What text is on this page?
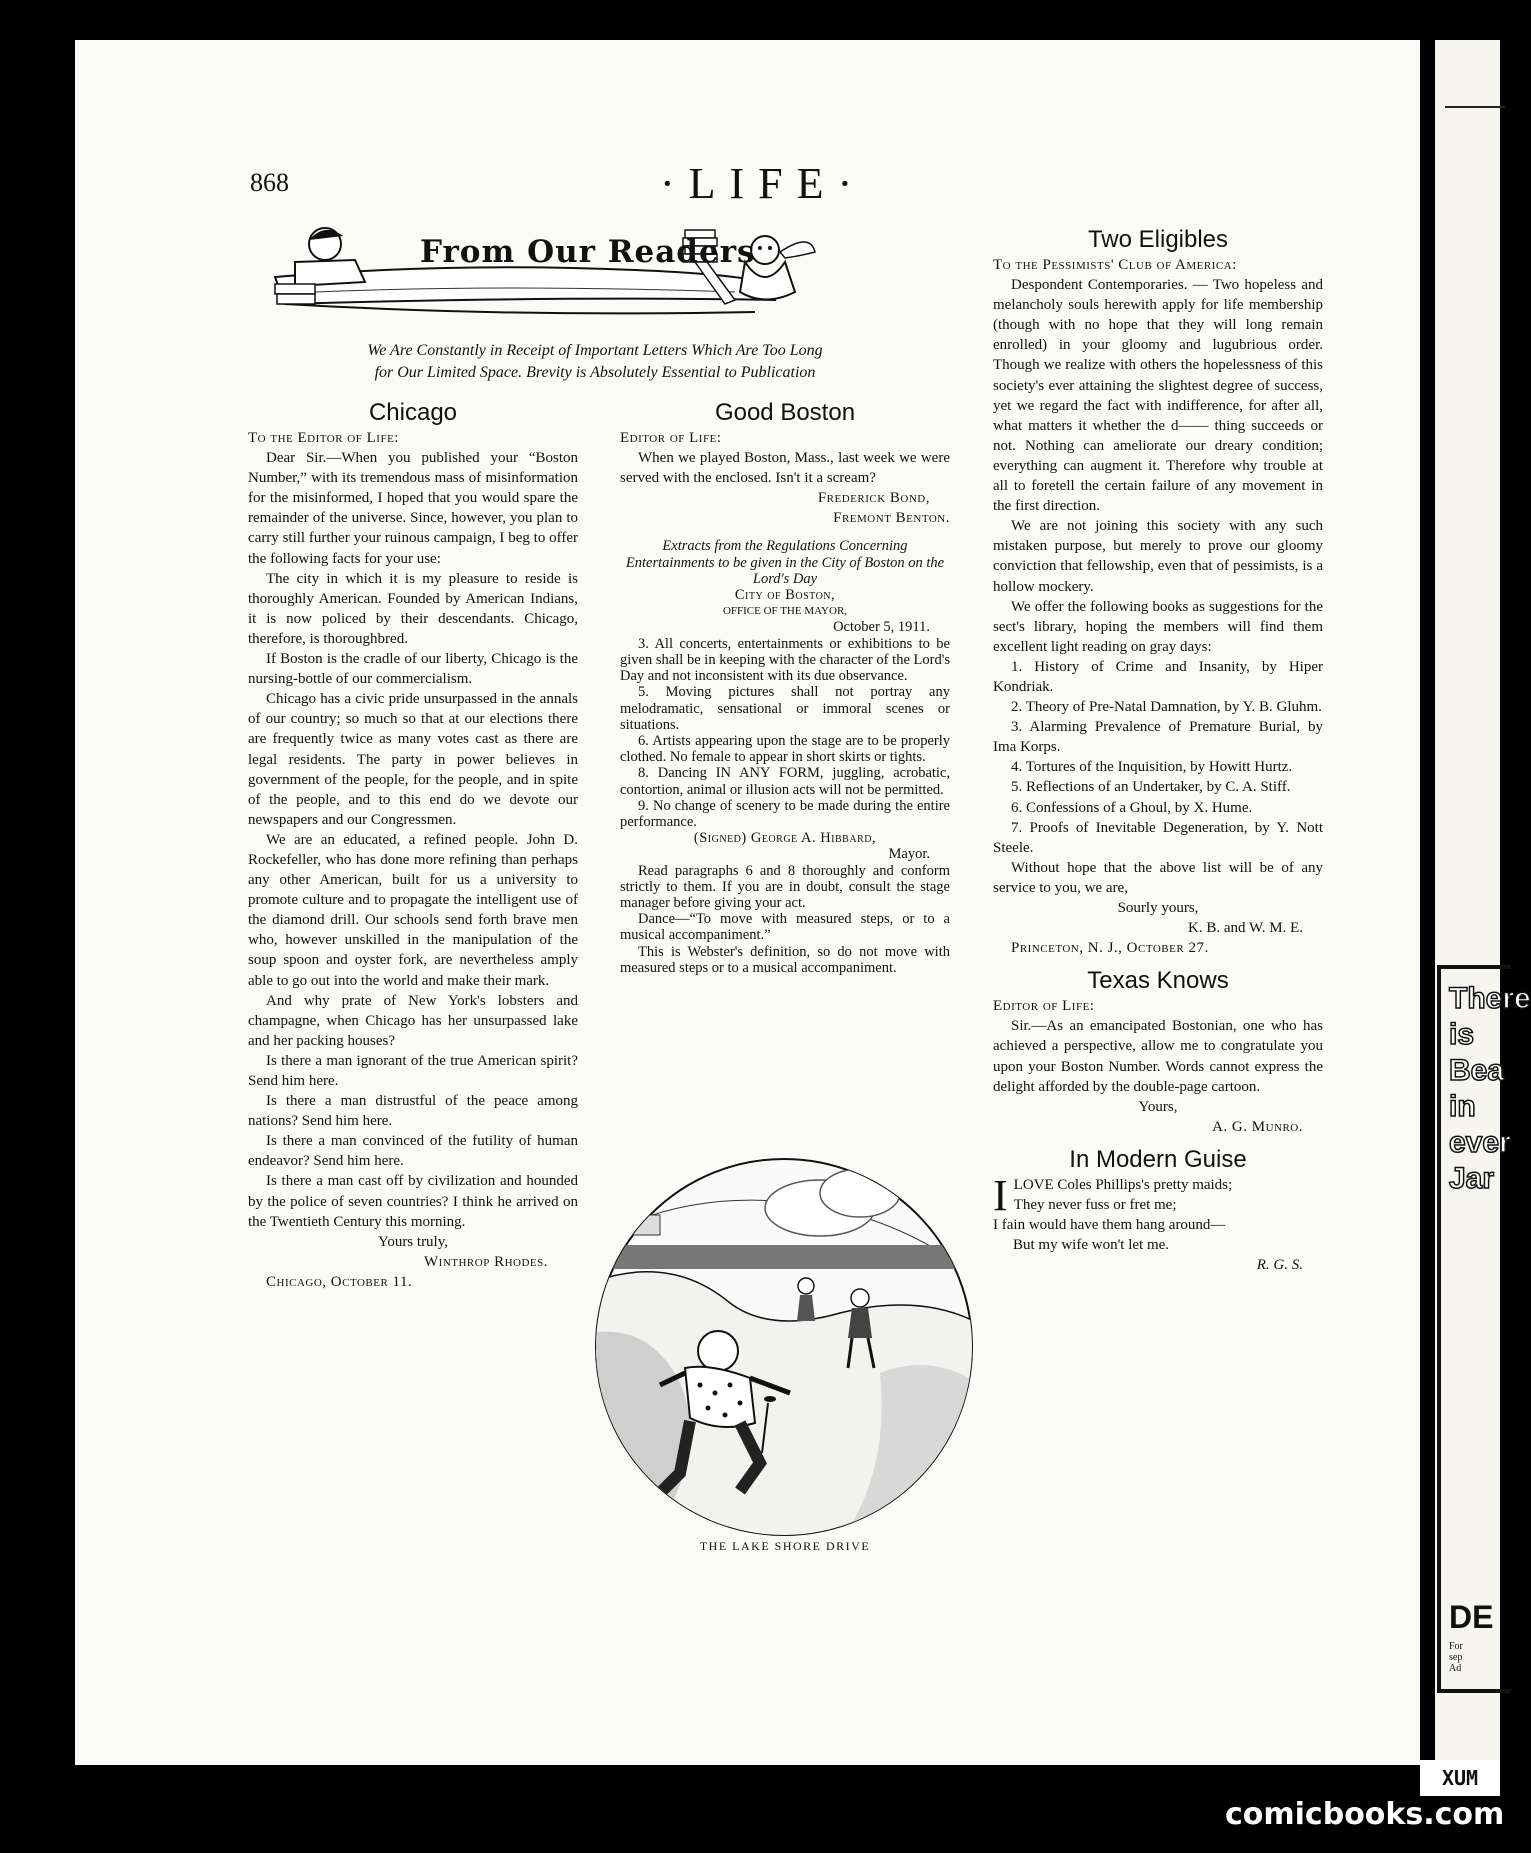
There
is
Bea
in
ever
Jar
DE
For
sep
Ad
868	·LIFE·
From Our Readers
We Are Constantly in Receipt of Important Letters Which Are Too Long
for Our Limited Space. Brevity is Absolutely Essential to Publication
Chicago

To the Editor of Life:

Dear Sir.—When you published your “Boston Number,” with its tremendous mass of misinformation for the misinformed, I hoped that you would spare the remainder of the universe. Since, however, you plan to carry still further your ruinous campaign, I beg to offer the following facts for your use:

The city in which it is my pleasure to reside is thoroughly American. Founded by American Indians, it is now policed by their descendants. Chicago, therefore, is thoroughbred.

If Boston is the cradle of our liberty, Chicago is the nursing-bottle of our commercialism.

Chicago has a civic pride unsurpassed in the annals of our country; so much so that at our elections there are frequently twice as many votes cast as there are legal residents. The party in power believes in government of the people, for the people, and in spite of the people, and to this end do we devote our newspapers and our Congressmen.

We are an educated, a refined people. John D. Rockefeller, who has done more refining than perhaps any other American, built for us a university to promote culture and to propagate the intelligent use of the diamond drill. Our schools send forth brave men who, however unskilled in the manipulation of the soup spoon and oyster fork, are nevertheless amply able to go out into the world and make their mark.

And why prate of New York's lobsters and champagne, when Chicago has her unsurpassed lake and her packing houses?

Is there a man ignorant of the true American spirit? Send him here.

Is there a man distrustful of the peace among nations? Send him here.

Is there a man convinced of the futility of human endeavor? Send him here.

Is there a man cast off by civilization and hounded by the police of seven countries? I think he arrived on the Twentieth Century this morning.

Yours truly,
Winthrop Rhodes.

Chicago, October 11.

Good Boston

Editor of Life:

When we played Boston, Mass., last week we were served with the enclosed. Isn't it a scream?

Frederick Bond,
Fremont Benton.

Extracts from the Regulations Concerning Entertainments to be given in the City of Boston on the Lord's Day

City of Boston,
OFFICE OF THE MAYOR,
October 5, 1911.

3. All concerts, entertainments or exhibitions to be given shall be in keeping with the character of the Lord's Day and not inconsistent with its due observance.

5. Moving pictures shall not portray any melodramatic, sensational or immoral scenes or situations.

6. Artists appearing upon the stage are to be properly clothed. No female to appear in short skirts or tights.

8. Dancing IN ANY FORM, juggling, acrobatic, contortion, animal or illusion acts will not be permitted.

9. No change of scenery to be made during the entire performance.

(Signed) George A. Hibbard,
Mayor.

Read paragraphs 6 and 8 thoroughly and conform strictly to them. If you are in doubt, consult the stage manager before giving your act.

Dance—“To move with measured steps, or to a musical accompaniment.”

This is Webster's definition, so do not move with measured steps or to a musical accompaniment.

THE LAKE SHORE DRIVE
Two Eligibles

To the Pessimists' Club of America:

Despondent Contemporaries. — Two hopeless and melancholy souls herewith apply for life membership (though with no hope that they will long remain enrolled) in your gloomy and lugubrious order. Though we realize with others the hopelessness of this society's ever attaining the slightest degree of success, yet we regard the fact with indifference, for after all, what matters it whether the d—— thing succeeds or not. Nothing can ameliorate our dreary condition; everything can augment it. Therefore why trouble at all to foretell the certain failure of any movement in the first direction.

We are not joining this society with any such mistaken purpose, but merely to prove our gloomy conviction that fellowship, even that of pessimists, is a hollow mockery.

We offer the following books as suggestions for the sect's library, hoping the members will find them excellent light reading on gray days:

1. History of Crime and Insanity, by Hiper Kondriak.

2. Theory of Pre-Natal Damnation, by Y. B. Gluhm.

3. Alarming Prevalence of Premature Burial, by Ima Korps.

4. Tortures of the Inquisition, by Howitt Hurtz.

5. Reflections of an Undertaker, by C. A. Stiff.

6. Confessions of a Ghoul, by X. Hume.

7. Proofs of Inevitable Degeneration, by Y. Nott Steele.

Without hope that the above list will be of any service to you, we are,

Sourly yours,
K. B. and W. M. E.

Princeton, N. J., October 27.

Texas Knows

Editor of Life:

Sir.—As an emancipated Bostonian, one who has achieved a perspective, allow me to congratulate you upon your Boston Number. Words cannot express the delight afforded by the double-page cartoon.

Yours,
A. G. Munro.
In Modern Guise
I LOVE Coles Phillips's pretty maids;
They never fuss or fret me;
I fain would have them hang around—
But my wife won't let me.
R. G. S.
XUM
comicbooks.com
